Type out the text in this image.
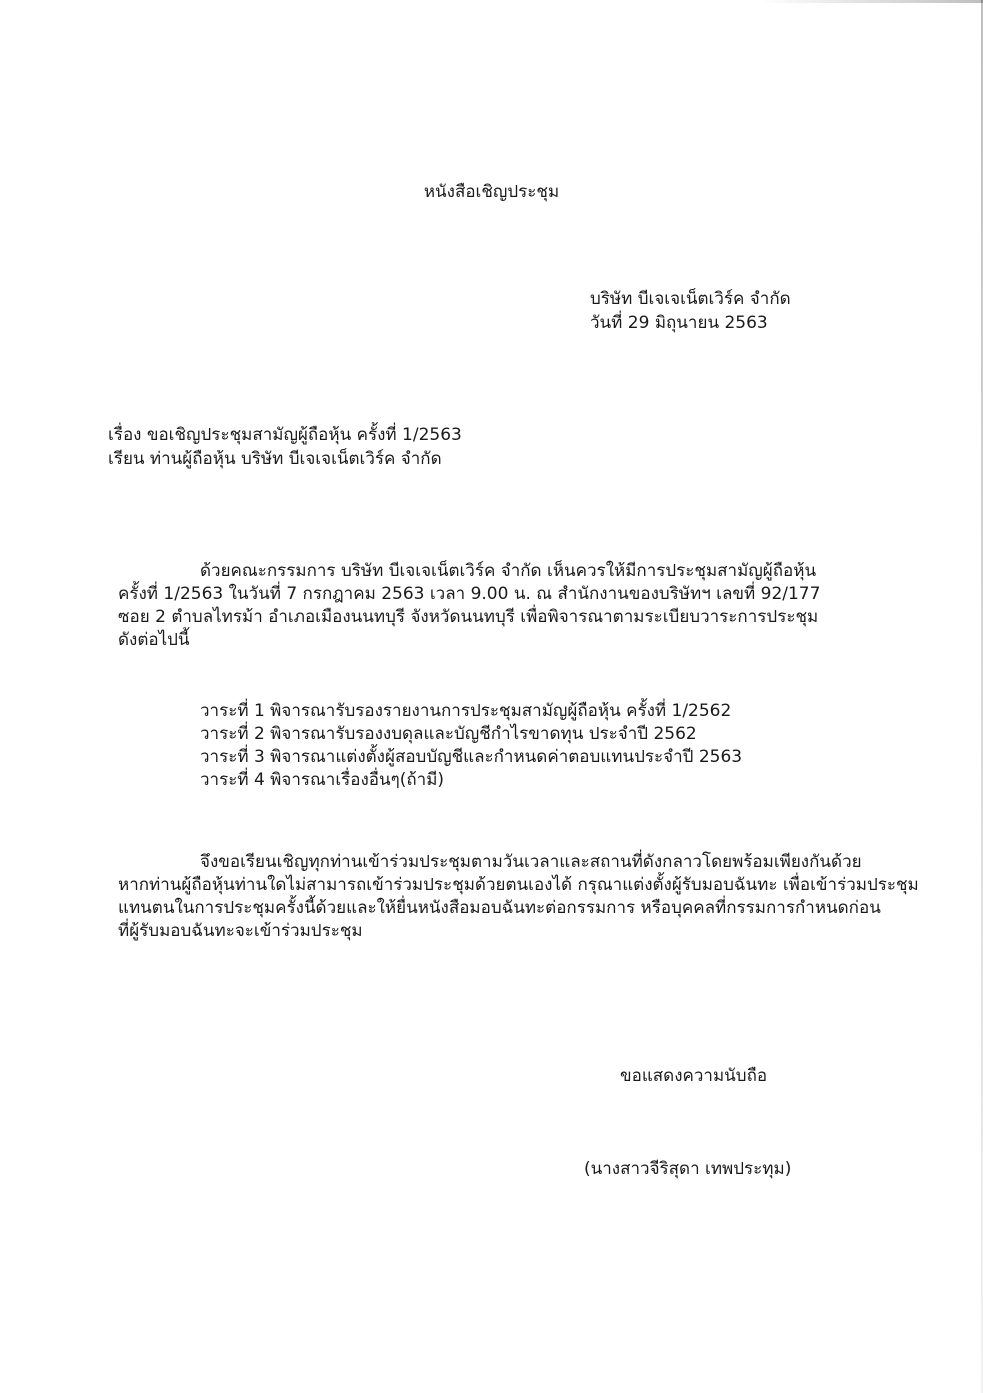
หนังสือเชิญประชุม
บริษัท บีเจเจเน็ตเวิร์ค จำกัด
วันที่ 29 มิถุนายน 2563
เรื่อง ขอเชิญประชุมสามัญผู้ถือหุ้น ครั้งที่ 1/2563
เรียน ท่านผู้ถือหุ้น บริษัท บีเจเจเน็ตเวิร์ค จำกัด

ด้วยคณะกรรมการ บริษัท บีเจเจเน็ตเวิร์ค จำกัด เห็นควรให้มีการประชุมสามัญผู้ถือหุ้น

ครั้งที่ 1/2563 ในวันที่ 7 กรกฎาคม 2563 เวลา 9.00 น. ณ สำนักงานของบริษัทฯ เลขที่ 92/177

ซอย 2 ตำบลไทรม้า อำเภอเมืองนนทบุรี จังหวัดนนทบุรี เพื่อพิจารณาตามระเบียบวาระการประชุม

ดังต่อไปนี้

วาระที่ 1 พิจารณารับรองรายงานการประชุมสามัญผู้ถือหุ้น ครั้งที่ 1/2562
วาระที่ 2 พิจารณารับรองงบดุลและบัญชีกำไรขาดทุน ประจำปี 2562
วาระที่ 3 พิจารณาแต่งตั้งผู้สอบบัญชีและกำหนดค่าตอบแทนประจำปี 2563
วาระที่ 4 พิจารณาเรื่องอื่นๆ(ถ้ามี)

จึงขอเรียนเชิญทุกท่านเข้าร่วมประชุมตามวันเวลาและสถานที่ดังกลาวโดยพร้อมเพียงกันด้วย

หากท่านผู้ถือหุ้นท่านใดไม่สามารถเข้าร่วมประชุมด้วยตนเองได้ กรุณาแต่งตั้งผู้รับมอบฉันทะ เพื่อเข้าร่วมประชุม

แทนตนในการประชุมครั้งนี้ด้วยและให้ยื่นหนังสือมอบฉันทะต่อกรรมการ หรือบุคคลที่กรรมการกำหนดก่อน

ที่ผู้รับมอบฉันทะจะเข้าร่วมประชุม

ขอแสดงความนับถือ
(นางสาวจีริสุดา เทพประทุม)
